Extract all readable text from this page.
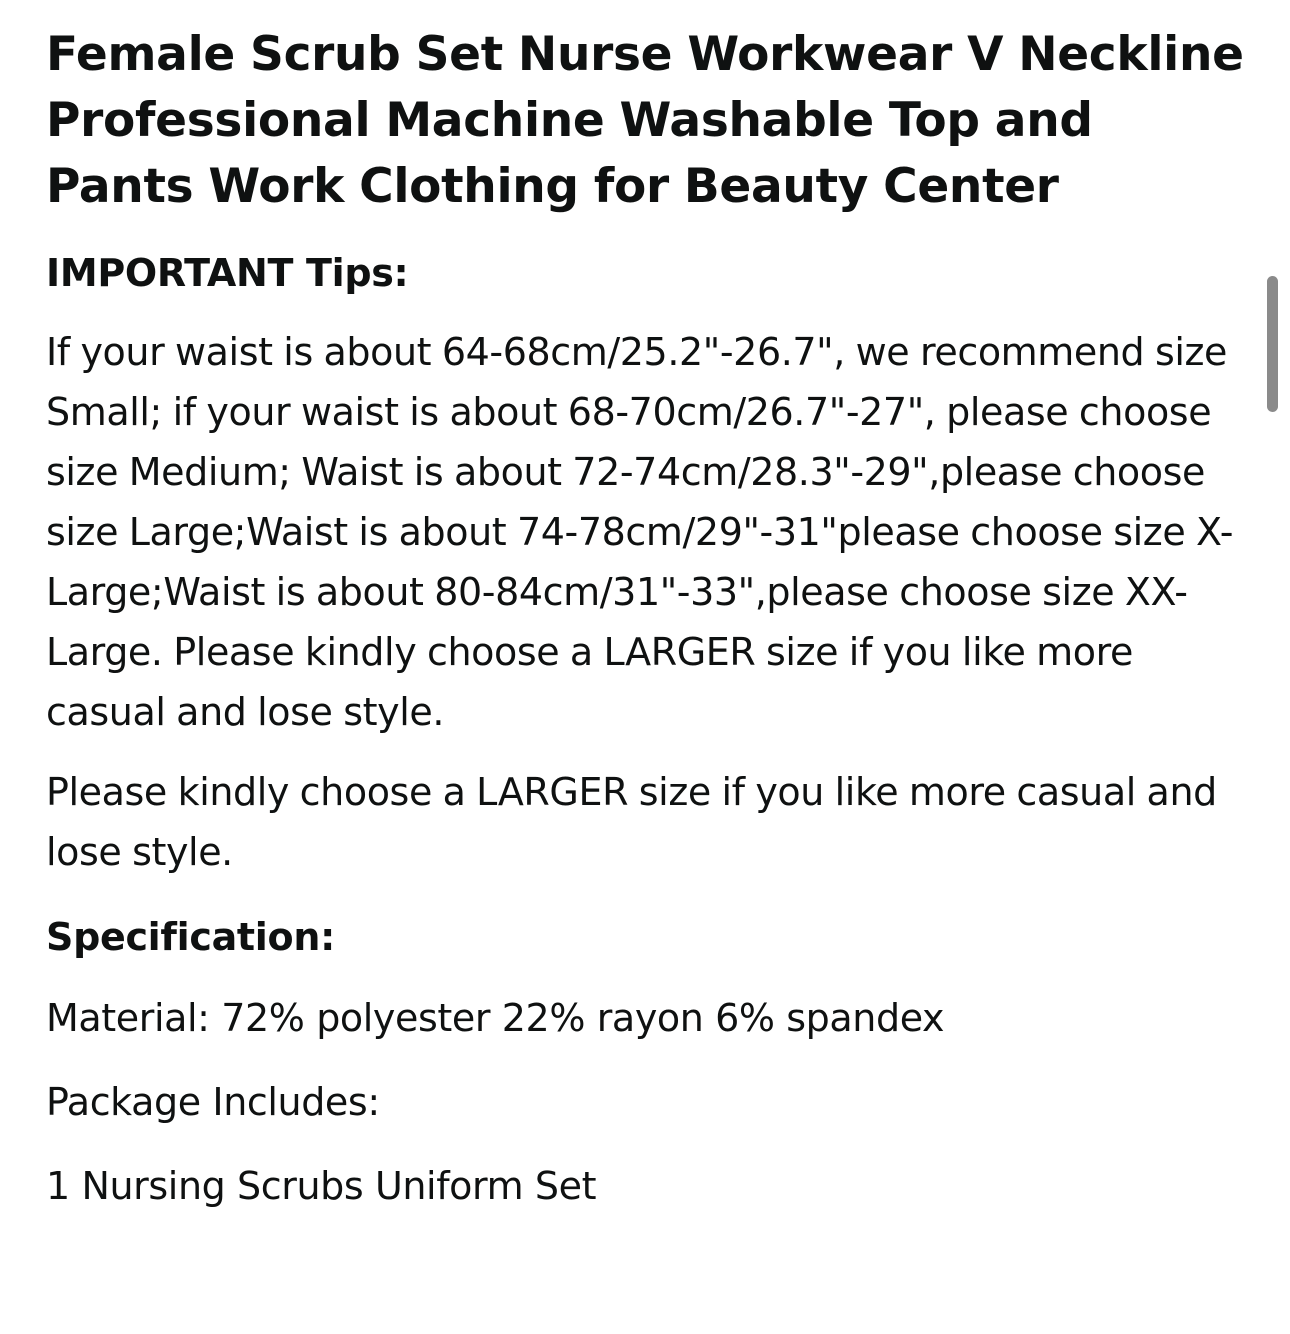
Female Scrub Set Nurse Workwear V Neckline Professional Machine Washable Top and Pants Work Clothing for Beauty Center
IMPORTANT Tips:

If your waist is about 64-68cm/25.2"-26.7", we recommend size Small; if your waist is about 68-70cm/26.7"-27", please choose size Medium; Waist is about 72-74cm/28.3"-29",please choose size Large;Waist is about 74-78cm/29"-31"please choose size X-Large;Waist is about 80-84cm/31"-33",please choose size XX- Large. Please kindly choose a LARGER size if you like more casual and lose style.

Please kindly choose a LARGER size if you like more casual and lose style.

Specification:

Material: 72% polyester 22% rayon 6% spandex

Package Includes:

1 Nursing Scrubs Uniform Set
